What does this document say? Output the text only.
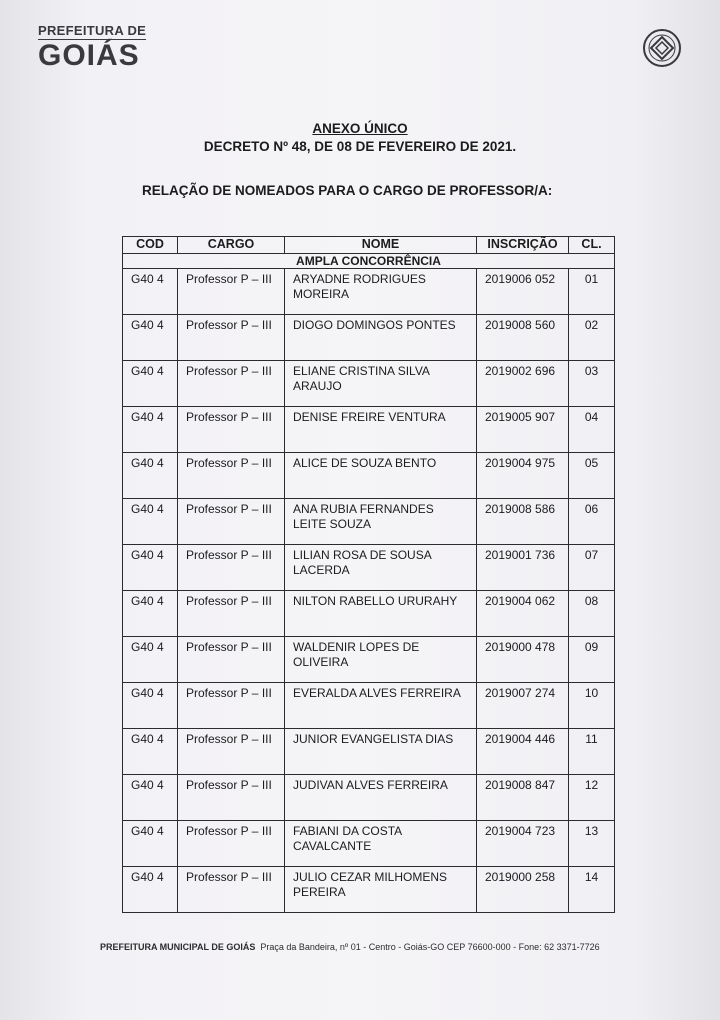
PREFEITURA DE
GOIÁS
ANEXO ÚNICO
DECRETO Nº 48, DE 08 DE FEVEREIRO DE 2021.
RELAÇÃO DE NOMEADOS PARA O CARGO DE PROFESSOR/A:
COD	CARGO	NOME	INSCRIÇÃO	CL.
AMPLA CONCORRÊNCIA				
G40 4	Professor P – III	ARYADNE RODRIGUES MOREIRA	2019006 052	01
G40 4	Professor P – III	DIOGO DOMINGOS PONTES	2019008 560	02
G40 4	Professor P – III	ELIANE CRISTINA SILVA ARAUJO	2019002 696	03
G40 4	Professor P – III	DENISE FREIRE VENTURA	2019005 907	04
G40 4	Professor P – III	ALICE DE SOUZA BENTO	2019004 975	05
G40 4	Professor P – III	ANA RUBIA FERNANDES LEITE SOUZA	2019008 586	06
G40 4	Professor P – III	LILIAN ROSA DE SOUSA LACERDA	2019001 736	07
G40 4	Professor P – III	NILTON RABELLO URURAHY	2019004 062	08
G40 4	Professor P – III	WALDENIR LOPES DE OLIVEIRA	2019000 478	09
G40 4	Professor P – III	EVERALDA ALVES FERREIRA	2019007 274	10
G40 4	Professor P – III	JUNIOR EVANGELISTA DIAS	2019004 446	11
G40 4	Professor P – III	JUDIVAN ALVES FERREIRA	2019008 847	12
G40 4	Professor P – III	FABIANI DA COSTA CAVALCANTE	2019004 723	13
G40 4	Professor P – III	JULIO CEZAR MILHOMENS PEREIRA	2019000 258	14
PREFEITURA MUNICIPAL DE GOIÁS Praça da Bandeira, nº 01 - Centro - Goiás-GO CEP 76600-000 - Fone: 62 3371-7726
